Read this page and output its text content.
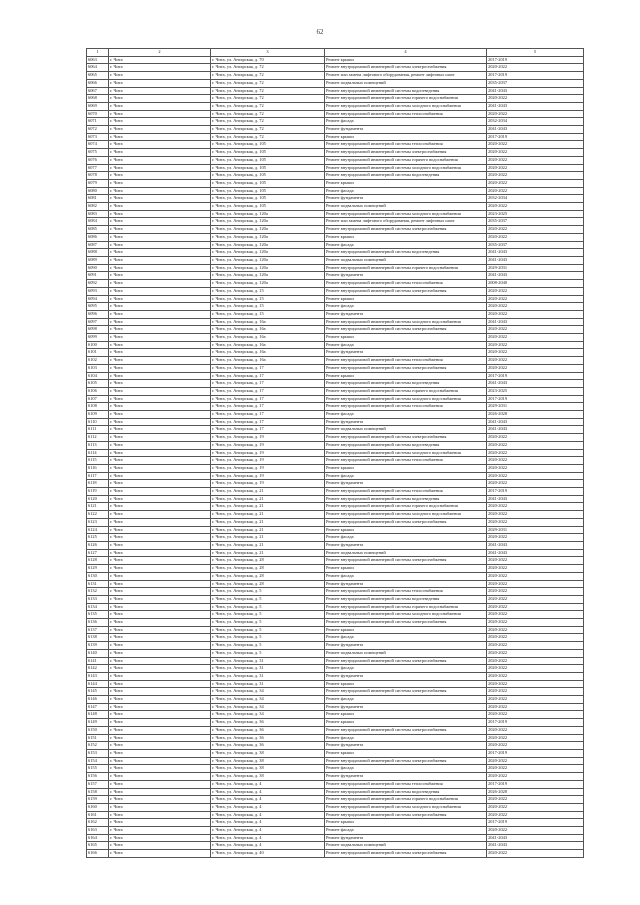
62
1	2	3	4	5
6063	г. Чита	г. Чита, ул. Ангарская, д. 70	Ремонт крыши	2017-2019
6064	г. Чита	г. Чита, ул. Ангарская, д. 72	Ремонт внутридомовой инженерной системы электроснабжения	2020-2022
6065	г. Чита	г. Чита, ул. Ангарская, д. 72	Ремонт или замена лифтового оборудования, ремонт лифтовых шахт	2017-2019
6066	г. Чита	г. Чита, ул. Ангарская, д. 72	Ремонт подвальных помещений	2035-2037
6067	г. Чита	г. Чита, ул. Ангарская, д. 72	Ремонт внутридомовой инженерной системы водоотведения	2041-2043
6068	г. Чита	г. Чита, ул. Ангарская, д. 72	Ремонт внутридомовой инженерной системы горячего водоснабжения	2020-2022
6069	г. Чита	г. Чита, ул. Ангарская, д. 72	Ремонт внутридомовой инженерной системы холодного водоснабжения	2041-2043
6070	г. Чита	г. Чита, ул. Ангарская, д. 72	Ремонт внутридомовой инженерной системы теплоснабжения	2020-2022
6071	г. Чита	г. Чита, ул. Ангарская, д. 72	Ремонт фасада	2032-2034
6072	г. Чита	г. Чита, ул. Ангарская, д. 72	Ремонт фундамента	2041-2043
6073	г. Чита	г. Чита, ул. Ангарская, д. 72	Ремонт крыши	2017-2019
6074	г. Чита	г. Чита, ул. Ангарская, д. 105	Ремонт внутридомовой инженерной системы теплоснабжения	2020-2022
6075	г. Чита	г. Чита, ул. Ангарская, д. 105	Ремонт внутридомовой инженерной системы электроснабжения	2020-2022
6076	г. Чита	г. Чита, ул. Ангарская, д. 105	Ремонт внутридомовой инженерной системы горячего водоснабжения	2020-2022
6077	г. Чита	г. Чита, ул. Ангарская, д. 105	Ремонт внутридомовой инженерной системы холодного водоснабжения	2020-2022
6078	г. Чита	г. Чита, ул. Ангарская, д. 105	Ремонт внутридомовой инженерной системы водоотведения	2020-2022
6079	г. Чита	г. Чита, ул. Ангарская, д. 105	Ремонт крыши	2020-2022
6080	г. Чита	г. Чита, ул. Ангарская, д. 105	Ремонт фасада	2020-2022
6081	г. Чита	г. Чита, ул. Ангарская, д. 105	Ремонт фундамента	2032-2034
6082	г. Чита	г. Чита, ул. Ангарская, д. 105	Ремонт подвальных помещений	2020-2022
6083	г. Чита	г. Чита, ул. Ангарская, д. 120а	Ремонт внутридомовой инженерной системы холодного водоснабжения	2023-2025
6084	г. Чита	г. Чита, ул. Ангарская, д. 120а	Ремонт или замена лифтового оборудования, ремонт лифтовых шахт	2035-2037
6085	г. Чита	г. Чита, ул. Ангарская, д. 120а	Ремонт внутридомовой инженерной системы электроснабжения	2020-2022
6086	г. Чита	г. Чита, ул. Ангарская, д. 120а	Ремонт крыши	2020-2022
6087	г. Чита	г. Чита, ул. Ангарская, д. 120а	Ремонт фасада	2035-2037
6088	г. Чита	г. Чита, ул. Ангарская, д. 120а	Ремонт внутридомовой инженерной системы водоотведения	2041-2043
6089	г. Чита	г. Чита, ул. Ангарская, д. 120а	Ремонт подвальных помещений	2041-2043
6090	г. Чита	г. Чита, ул. Ангарская, д. 120а	Ремонт внутридомовой инженерной системы горячего водоснабжения	2029-2031
6091	г. Чита	г. Чита, ул. Ангарская, д. 120а	Ремонт фундамента	2041-2043
6092	г. Чита	г. Чита, ул. Ангарская, д. 120а	Ремонт внутридомовой инженерной системы теплоснабжения	2008-2040
6093	г. Чита	г. Чита, ул. Ангарская, д. 15	Ремонт внутридомовой инженерной системы электроснабжения	2020-2022
6094	г. Чита	г. Чита, ул. Ангарская, д. 15	Ремонт крыши	2020-2022
6095	г. Чита	г. Чита, ул. Ангарская, д. 15	Ремонт фасада	2020-2022
6096	г. Чита	г. Чита, ул. Ангарская, д. 15	Ремонт фундамента	2020-2022
6097	г. Чита	г. Чита, ул. Ангарская, д. 16а	Ремонт внутридомовой инженерной системы холодного водоснабжения	2041-2043
6098	г. Чита	г. Чита, ул. Ангарская, д. 16а	Ремонт внутридомовой инженерной системы электроснабжения	2020-2022
6099	г. Чита	г. Чита, ул. Ангарская, д. 16а	Ремонт крыши	2020-2022
6100	г. Чита	г. Чита, ул. Ангарская, д. 16а	Ремонт фасада	2020-2022
6101	г. Чита	г. Чита, ул. Ангарская, д. 16а	Ремонт фундамента	2020-2022
6102	г. Чита	г. Чита, ул. Ангарская, д. 16а	Ремонт внутридомовой инженерной системы теплоснабжения	2020-2022
6103	г. Чита	г. Чита, ул. Ангарская, д. 17	Ремонт внутридомовой инженерной системы электроснабжения	2020-2022
6104	г. Чита	г. Чита, ул. Ангарская, д. 17	Ремонт крыши	2017-2019
6105	г. Чита	г. Чита, ул. Ангарская, д. 17	Ремонт внутридомовой инженерной системы водоотведения	2041-2043
6106	г. Чита	г. Чита, ул. Ангарская, д. 17	Ремонт внутридомовой инженерной системы горячего водоснабжения	2023-2025
6107	г. Чита	г. Чита, ул. Ангарская, д. 17	Ремонт внутридомовой инженерной системы холодного водоснабжения	2017-2019
6108	г. Чита	г. Чита, ул. Ангарская, д. 17	Ремонт внутридомовой инженерной системы теплоснабжения	2029-2031
6109	г. Чита	г. Чита, ул. Ангарская, д. 17	Ремонт фасада	2026-2028
6110	г. Чита	г. Чита, ул. Ангарская, д. 17	Ремонт фундамента	2041-2043
6111	г. Чита	г. Чита, ул. Ангарская, д. 17	Ремонт подвальных помещений	2041-2043
6112	г. Чита	г. Чита, ул. Ангарская, д. 19	Ремонт внутридомовой инженерной системы электроснабжения	2020-2022
6113	г. Чита	г. Чита, ул. Ангарская, д. 19	Ремонт внутридомовой инженерной системы водоотведения	2020-2022
6114	г. Чита	г. Чита, ул. Ангарская, д. 19	Ремонт внутридомовой инженерной системы холодного водоснабжения	2020-2022
6115	г. Чита	г. Чита, ул. Ангарская, д. 19	Ремонт внутридомовой инженерной системы теплоснабжения	2020-2022
6116	г. Чита	г. Чита, ул. Ангарская, д. 19	Ремонт крыши	2020-2022
6117	г. Чита	г. Чита, ул. Ангарская, д. 19	Ремонт фасада	2020-2022
6118	г. Чита	г. Чита, ул. Ангарская, д. 19	Ремонт фундамента	2020-2022
6119	г. Чита	г. Чита, ул. Ангарская, д. 21	Ремонт внутридомовой инженерной системы теплоснабжения	2017-2019
6120	г. Чита	г. Чита, ул. Ангарская, д. 21	Ремонт внутридомовой инженерной системы водоотведения	2041-2043
6121	г. Чита	г. Чита, ул. Ангарская, д. 21	Ремонт внутридомовой инженерной системы горячего водоснабжения	2020-2022
6122	г. Чита	г. Чита, ул. Ангарская, д. 21	Ремонт внутридомовой инженерной системы холодного водоснабжения	2020-2022
6123	г. Чита	г. Чита, ул. Ангарская, д. 21	Ремонт внутридомовой инженерной системы электроснабжения	2020-2022
6124	г. Чита	г. Чита, ул. Ангарская, д. 21	Ремонт крыши	2029-2031
6125	г. Чита	г. Чита, ул. Ангарская, д. 21	Ремонт фасада	2020-2022
6126	г. Чита	г. Чита, ул. Ангарская, д. 21	Ремонт фундамента	2041-2043
6127	г. Чита	г. Чита, ул. Ангарская, д. 21	Ремонт подвальных помещений	2041-2043
6128	г. Чита	г. Чита, ул. Ангарская, д. 28	Ремонт внутридомовой инженерной системы электроснабжения	2020-2022
6129	г. Чита	г. Чита, ул. Ангарская, д. 28	Ремонт крыши	2020-2022
6130	г. Чита	г. Чита, ул. Ангарская, д. 28	Ремонт фасада	2020-2022
6131	г. Чита	г. Чита, ул. Ангарская, д. 28	Ремонт фундамента	2020-2022
6132	г. Чита	г. Чита, ул. Ангарская, д. 5	Ремонт внутридомовой инженерной системы теплоснабжения	2020-2022
6133	г. Чита	г. Чита, ул. Ангарская, д. 5	Ремонт внутридомовой инженерной системы водоотведения	2020-2022
6134	г. Чита	г. Чита, ул. Ангарская, д. 5	Ремонт внутридомовой инженерной системы горячего водоснабжения	2020-2022
6135	г. Чита	г. Чита, ул. Ангарская, д. 5	Ремонт внутридомовой инженерной системы холодного водоснабжения	2020-2022
6136	г. Чита	г. Чита, ул. Ангарская, д. 5	Ремонт внутридомовой инженерной системы электроснабжения	2020-2022
6137	г. Чита	г. Чита, ул. Ангарская, д. 5	Ремонт крыши	2020-2022
6138	г. Чита	г. Чита, ул. Ангарская, д. 5	Ремонт фасада	2020-2022
6139	г. Чита	г. Чита, ул. Ангарская, д. 5	Ремонт фундамента	2020-2022
6140	г. Чита	г. Чита, ул. Ангарская, д. 5	Ремонт подвальных помещений	2020-2022
6141	г. Чита	г. Чита, ул. Ангарская, д. 31	Ремонт внутридомовой инженерной системы электроснабжения	2020-2022
6142	г. Чита	г. Чита, ул. Ангарская, д. 31	Ремонт фасада	2020-2022
6143	г. Чита	г. Чита, ул. Ангарская, д. 31	Ремонт фундамента	2020-2022
6144	г. Чита	г. Чита, ул. Ангарская, д. 31	Ремонт крыши	2020-2022
6145	г. Чита	г. Чита, ул. Ангарская, д. 34	Ремонт внутридомовой инженерной системы электроснабжения	2020-2022
6146	г. Чита	г. Чита, ул. Ангарская, д. 34	Ремонт фасада	2020-2022
6147	г. Чита	г. Чита, ул. Ангарская, д. 34	Ремонт фундамента	2020-2022
6148	г. Чита	г. Чита, ул. Ангарская, д. 34	Ремонт крыши	2020-2022
6149	г. Чита	г. Чита, ул. Ангарская, д. 36	Ремонт крыши	2017-2019
6150	г. Чита	г. Чита, ул. Ангарская, д. 36	Ремонт внутридомовой инженерной системы электроснабжения	2020-2022
6151	г. Чита	г. Чита, ул. Ангарская, д. 36	Ремонт фасада	2020-2022
6152	г. Чита	г. Чита, ул. Ангарская, д. 36	Ремонт фундамента	2020-2022
6153	г. Чита	г. Чита, ул. Ангарская, д. 38	Ремонт крыши	2017-2019
6154	г. Чита	г. Чита, ул. Ангарская, д. 38	Ремонт внутридомовой инженерной системы электроснабжения	2020-2022
6155	г. Чита	г. Чита, ул. Ангарская, д. 38	Ремонт фасада	2020-2022
6156	г. Чита	г. Чита, ул. Ангарская, д. 38	Ремонт фундамента	2020-2022
6157	г. Чита	г. Чита, ул. Ангарская, д. 4	Ремонт внутридомовой инженерной системы теплоснабжения	2017-2019
6158	г. Чита	г. Чита, ул. Ангарская, д. 4	Ремонт внутридомовой инженерной системы водоотведения	2026-2028
6159	г. Чита	г. Чита, ул. Ангарская, д. 4	Ремонт внутридомовой инженерной системы горячего водоснабжения	2020-2022
6160	г. Чита	г. Чита, ул. Ангарская, д. 4	Ремонт внутридомовой инженерной системы холодного водоснабжения	2020-2022
6161	г. Чита	г. Чита, ул. Ангарская, д. 4	Ремонт внутридомовой инженерной системы электроснабжения	2020-2022
6162	г. Чита	г. Чита, ул. Ангарская, д. 4	Ремонт крыши	2017-2019
6163	г. Чита	г. Чита, ул. Ангарская, д. 4	Ремонт фасада	2020-2022
6164	г. Чита	г. Чита, ул. Ангарская, д. 4	Ремонт фундамента	2041-2043
6165	г. Чита	г. Чита, ул. Ангарская, д. 4	Ремонт подвальных помещений	2041-2043
6166	г. Чита	г. Чита, ул. Ангарская, д. 40	Ремонт внутридомовой инженерной системы электроснабжения	2020-2022
